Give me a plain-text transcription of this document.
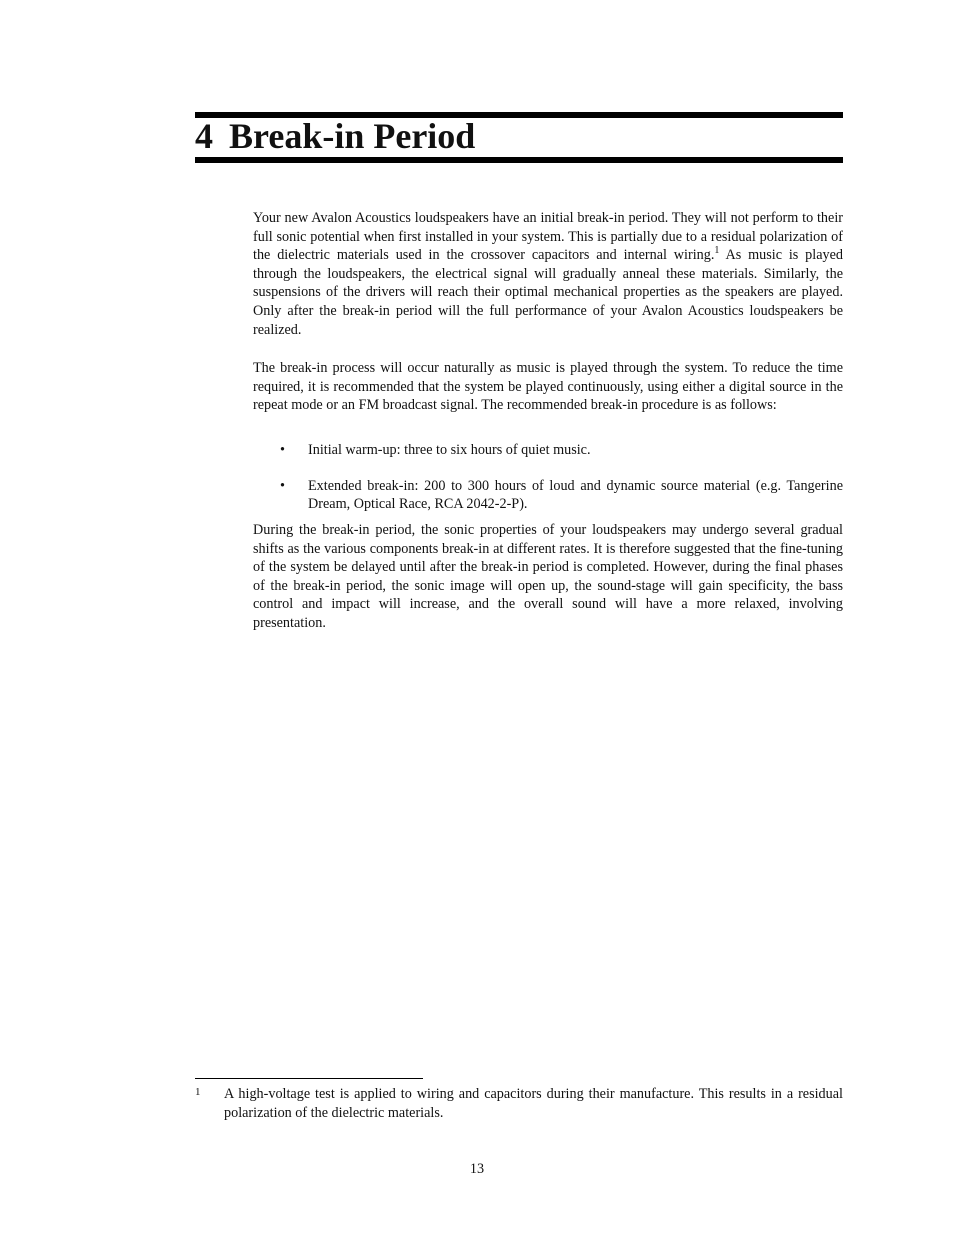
4 Break-in Period

Your new Avalon Acoustics loudspeakers have an initial break-in period. They will not perform to their full sonic potential when first installed in your system. This is partially due to a residual polarization of the dielectric materials used in the crossover capacitors and internal wiring.$^1$ As music is played through the loudspeakers, the electrical signal will gradually anneal these materials. Similarly, the suspensions of the drivers will reach their optimal mechanical properties as the speakers are played. Only after the break-in period will the full performance of your Avalon Acoustics loudspeakers be realized.

The break-in process will occur naturally as music is played through the system. To reduce the time required, it is recommended that the system be played continuously, using either a digital source in the repeat mode or an FM broadcast signal. The recommended break-in procedure is as follows:

• Initial warm-up: three to six hours of quiet music.
• Extended break-in: 200 to 300 hours of loud and dynamic source material (e.g. Tangerine Dream, Optical Race, RCA 2042-2-P).

During the break-in period, the sonic properties of your loudspeakers may undergo several gradual shifts as the various components break-in at different rates. It is therefore suggested that the fine-tuning of the system be delayed until after the break-in period is completed. However, during the final phases of the break-in period, the sonic image will open up, the sound-stage will gain specificity, the bass control and impact will increase, and the overall sound will have a more relaxed, involving presentation.

1 A high-voltage test is applied to wiring and capacitors during their manufacture. This results in a residual polarization of the dielectric materials.
13
